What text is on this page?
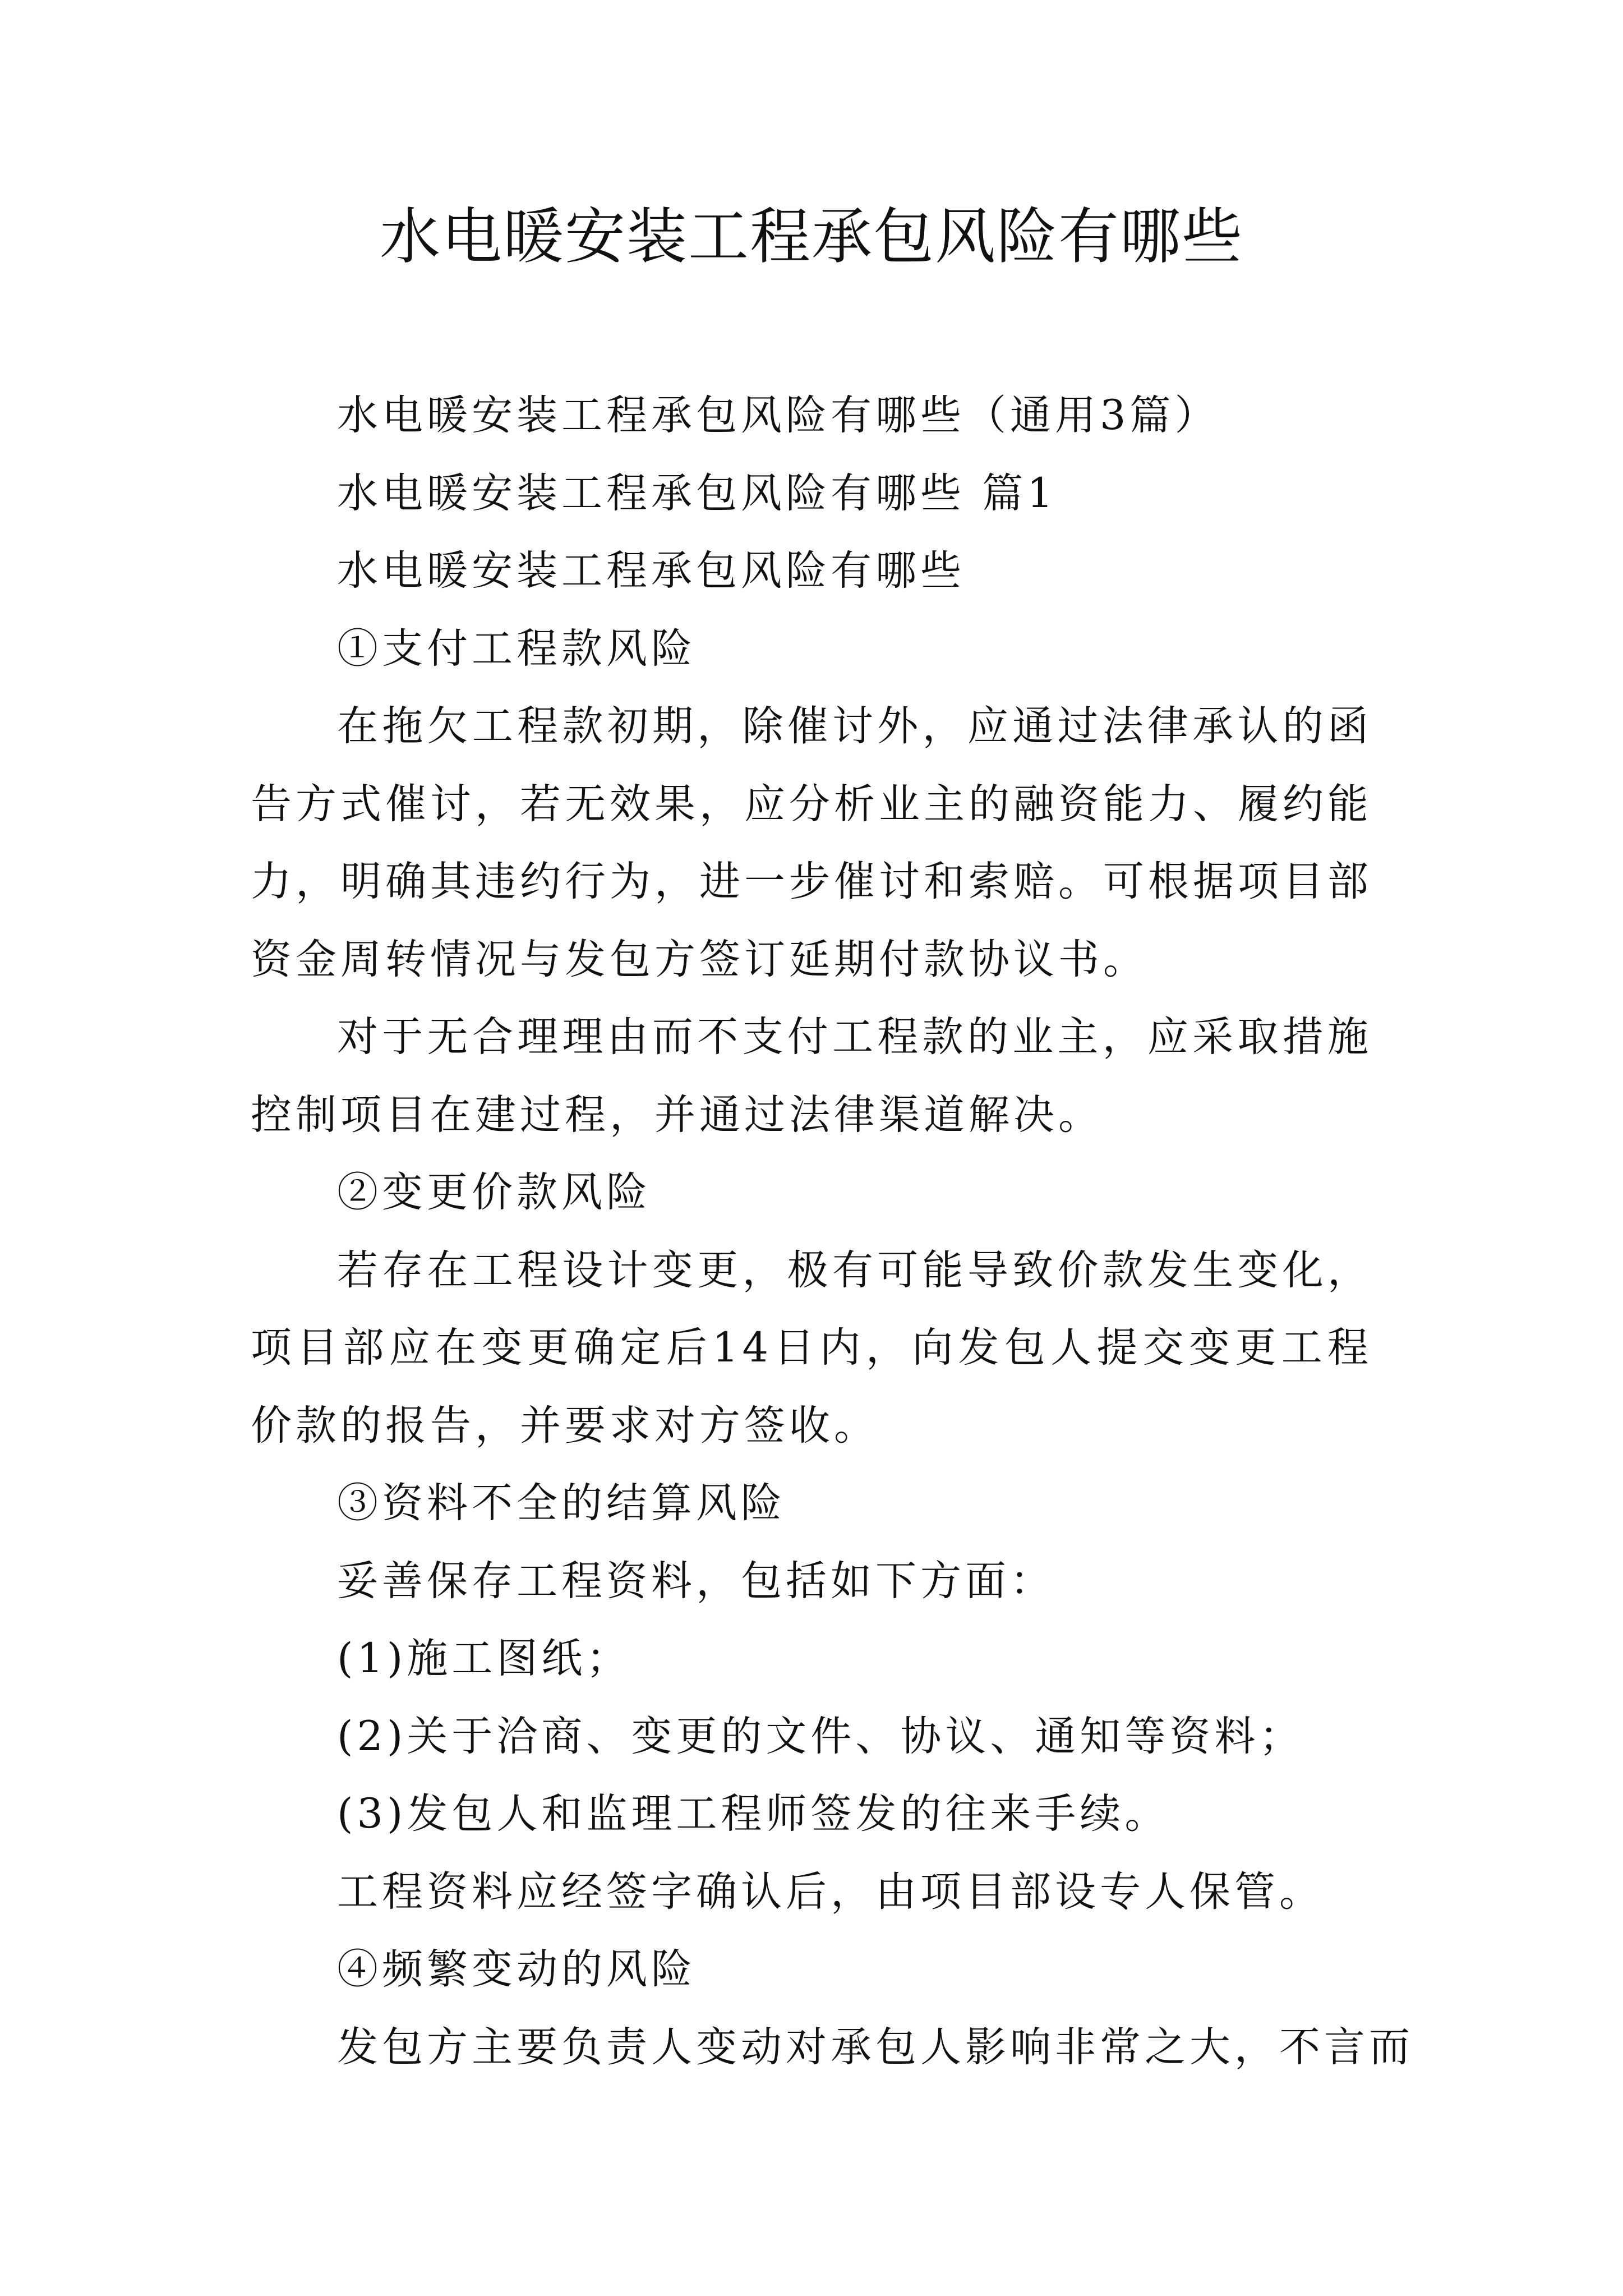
水电暖安装工程承包风险有哪些

水电暖安装工程承包风险有哪些（通用3篇）

水电暖安装工程承包风险有哪些 篇1

水电暖安装工程承包风险有哪些

①支付工程款风险

在拖欠工程款初期，除催讨外，应通过法律承认的函告方式催讨，若无效果，应分析业主的融资能力、履约能力，明确其违约行为，进一步催讨和索赔。可根据项目部资金周转情况与发包方签订延期付款协议书。

对于无合理理由而不支付工程款的业主，应采取措施控制项目在建过程，并通过法律渠道解决。

②变更价款风险

若存在工程设计变更，极有可能导致价款发生变化，项目部应在变更确定后14日内，向发包人提交变更工程价款的报告，并要求对方签收。

③资料不全的结算风险

妥善保存工程资料，包括如下方面：

(1)施工图纸；

(2)关于洽商、变更的文件、协议、通知等资料；

(3)发包人和监理工程师签发的往来手续。

工程资料应经签字确认后，由项目部设专人保管。

④频繁变动的风险

发包方主要负责人变动对承包人影响非常之大，不言而
